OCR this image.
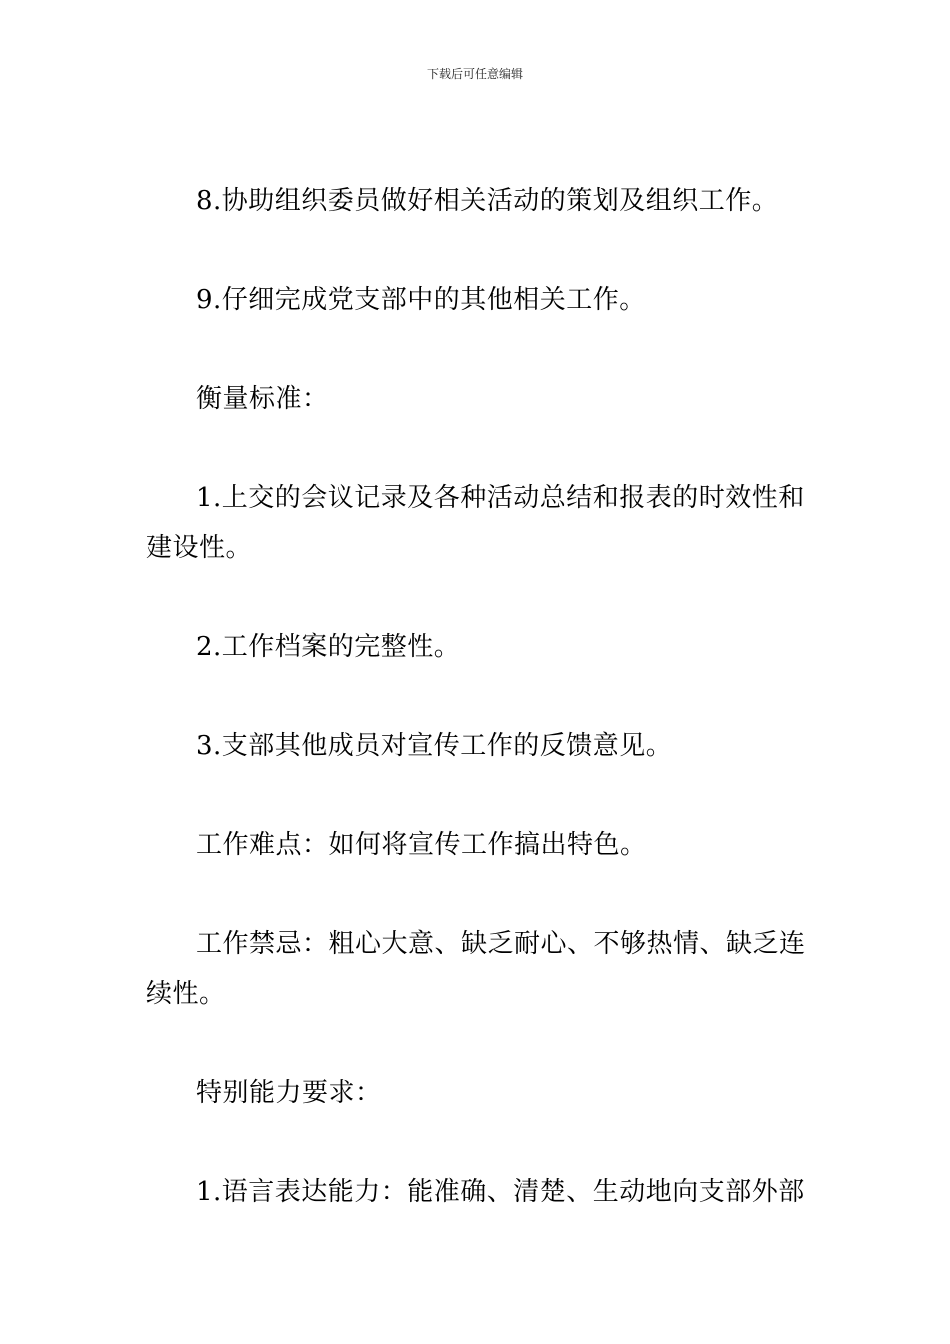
下载后可任意编辑

8.协助组织委员做好相关活动的策划及组织工作。

9.仔细完成党支部中的其他相关工作。

衡量标准：

1.上交的会议记录及各种活动总结和报表的时效性和建设性。

2.工作档案的完整性。

3.支部其他成员对宣传工作的反馈意见。

工作难点：如何将宣传工作搞出特色。

工作禁忌：粗心大意、缺乏耐心、不够热情、缺乏连续性。

特别能力要求：

1.语言表达能力：能准确、清楚、生动地向支部外部
